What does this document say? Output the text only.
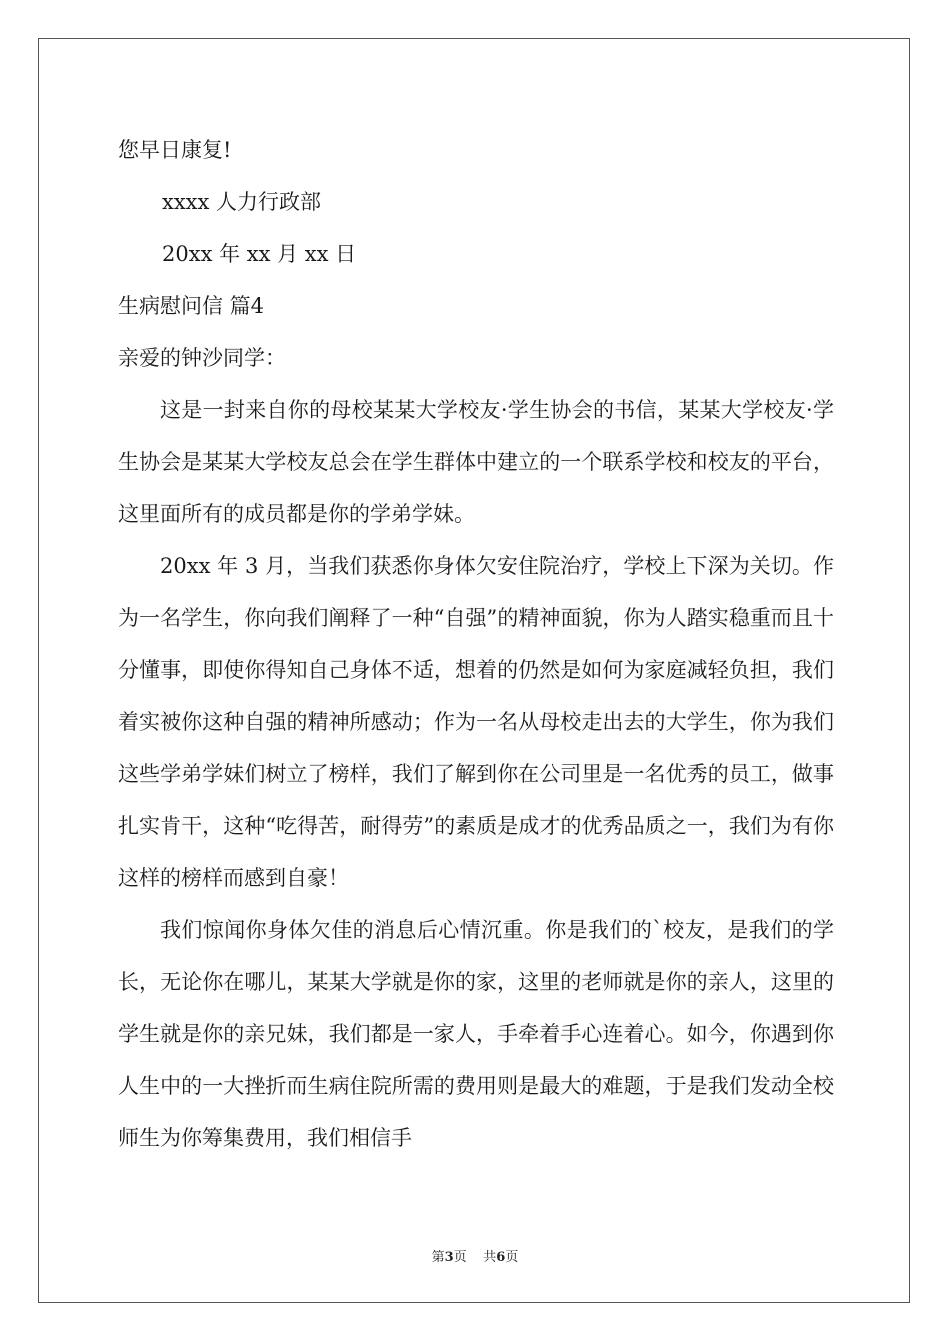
您早日康复!
xxxx 人力行政部
20xx 年 xx 月 xx 日
生病慰问信 篇4
亲爱的钟沙同学：
这是一封来自你的母校某某大学校友·学生协会的书信，某某大学校友·学生协会是某某大学校友总会在学生群体中建立的一个联系学校和校友的平台，这里面所有的成员都是你的学弟学妹。
20xx 年 3 月，当我们获悉你身体欠安住院治疗，学校上下深为关切。作为一名学生，你向我们阐释了一种“自强”的精神面貌，你为人踏实稳重而且十分懂事，即使你得知自己身体不适，想着的仍然是如何为家庭减轻负担，我们着实被你这种自强的精神所感动；作为一名从母校走出去的大学生，你为我们这些学弟学妹们树立了榜样，我们了解到你在公司里是一名优秀的员工，做事扎实肯干，这种“吃得苦，耐得劳”的素质是成才的优秀品质之一，我们为有你这样的榜样而感到自豪！
我们惊闻你身体欠佳的消息后心情沉重。你是我们的`校友，是我们的学长，无论你在哪儿，某某大学就是你的家，这里的老师就是你的亲人，这里的学生就是你的亲兄妹，我们都是一家人，手牵着手心连着心。如今，你遇到你人生中的一大挫折而生病住院所需的费用则是最大的难题，于是我们发动全校师生为你筹集费用，我们相信手
第3页 共6页
